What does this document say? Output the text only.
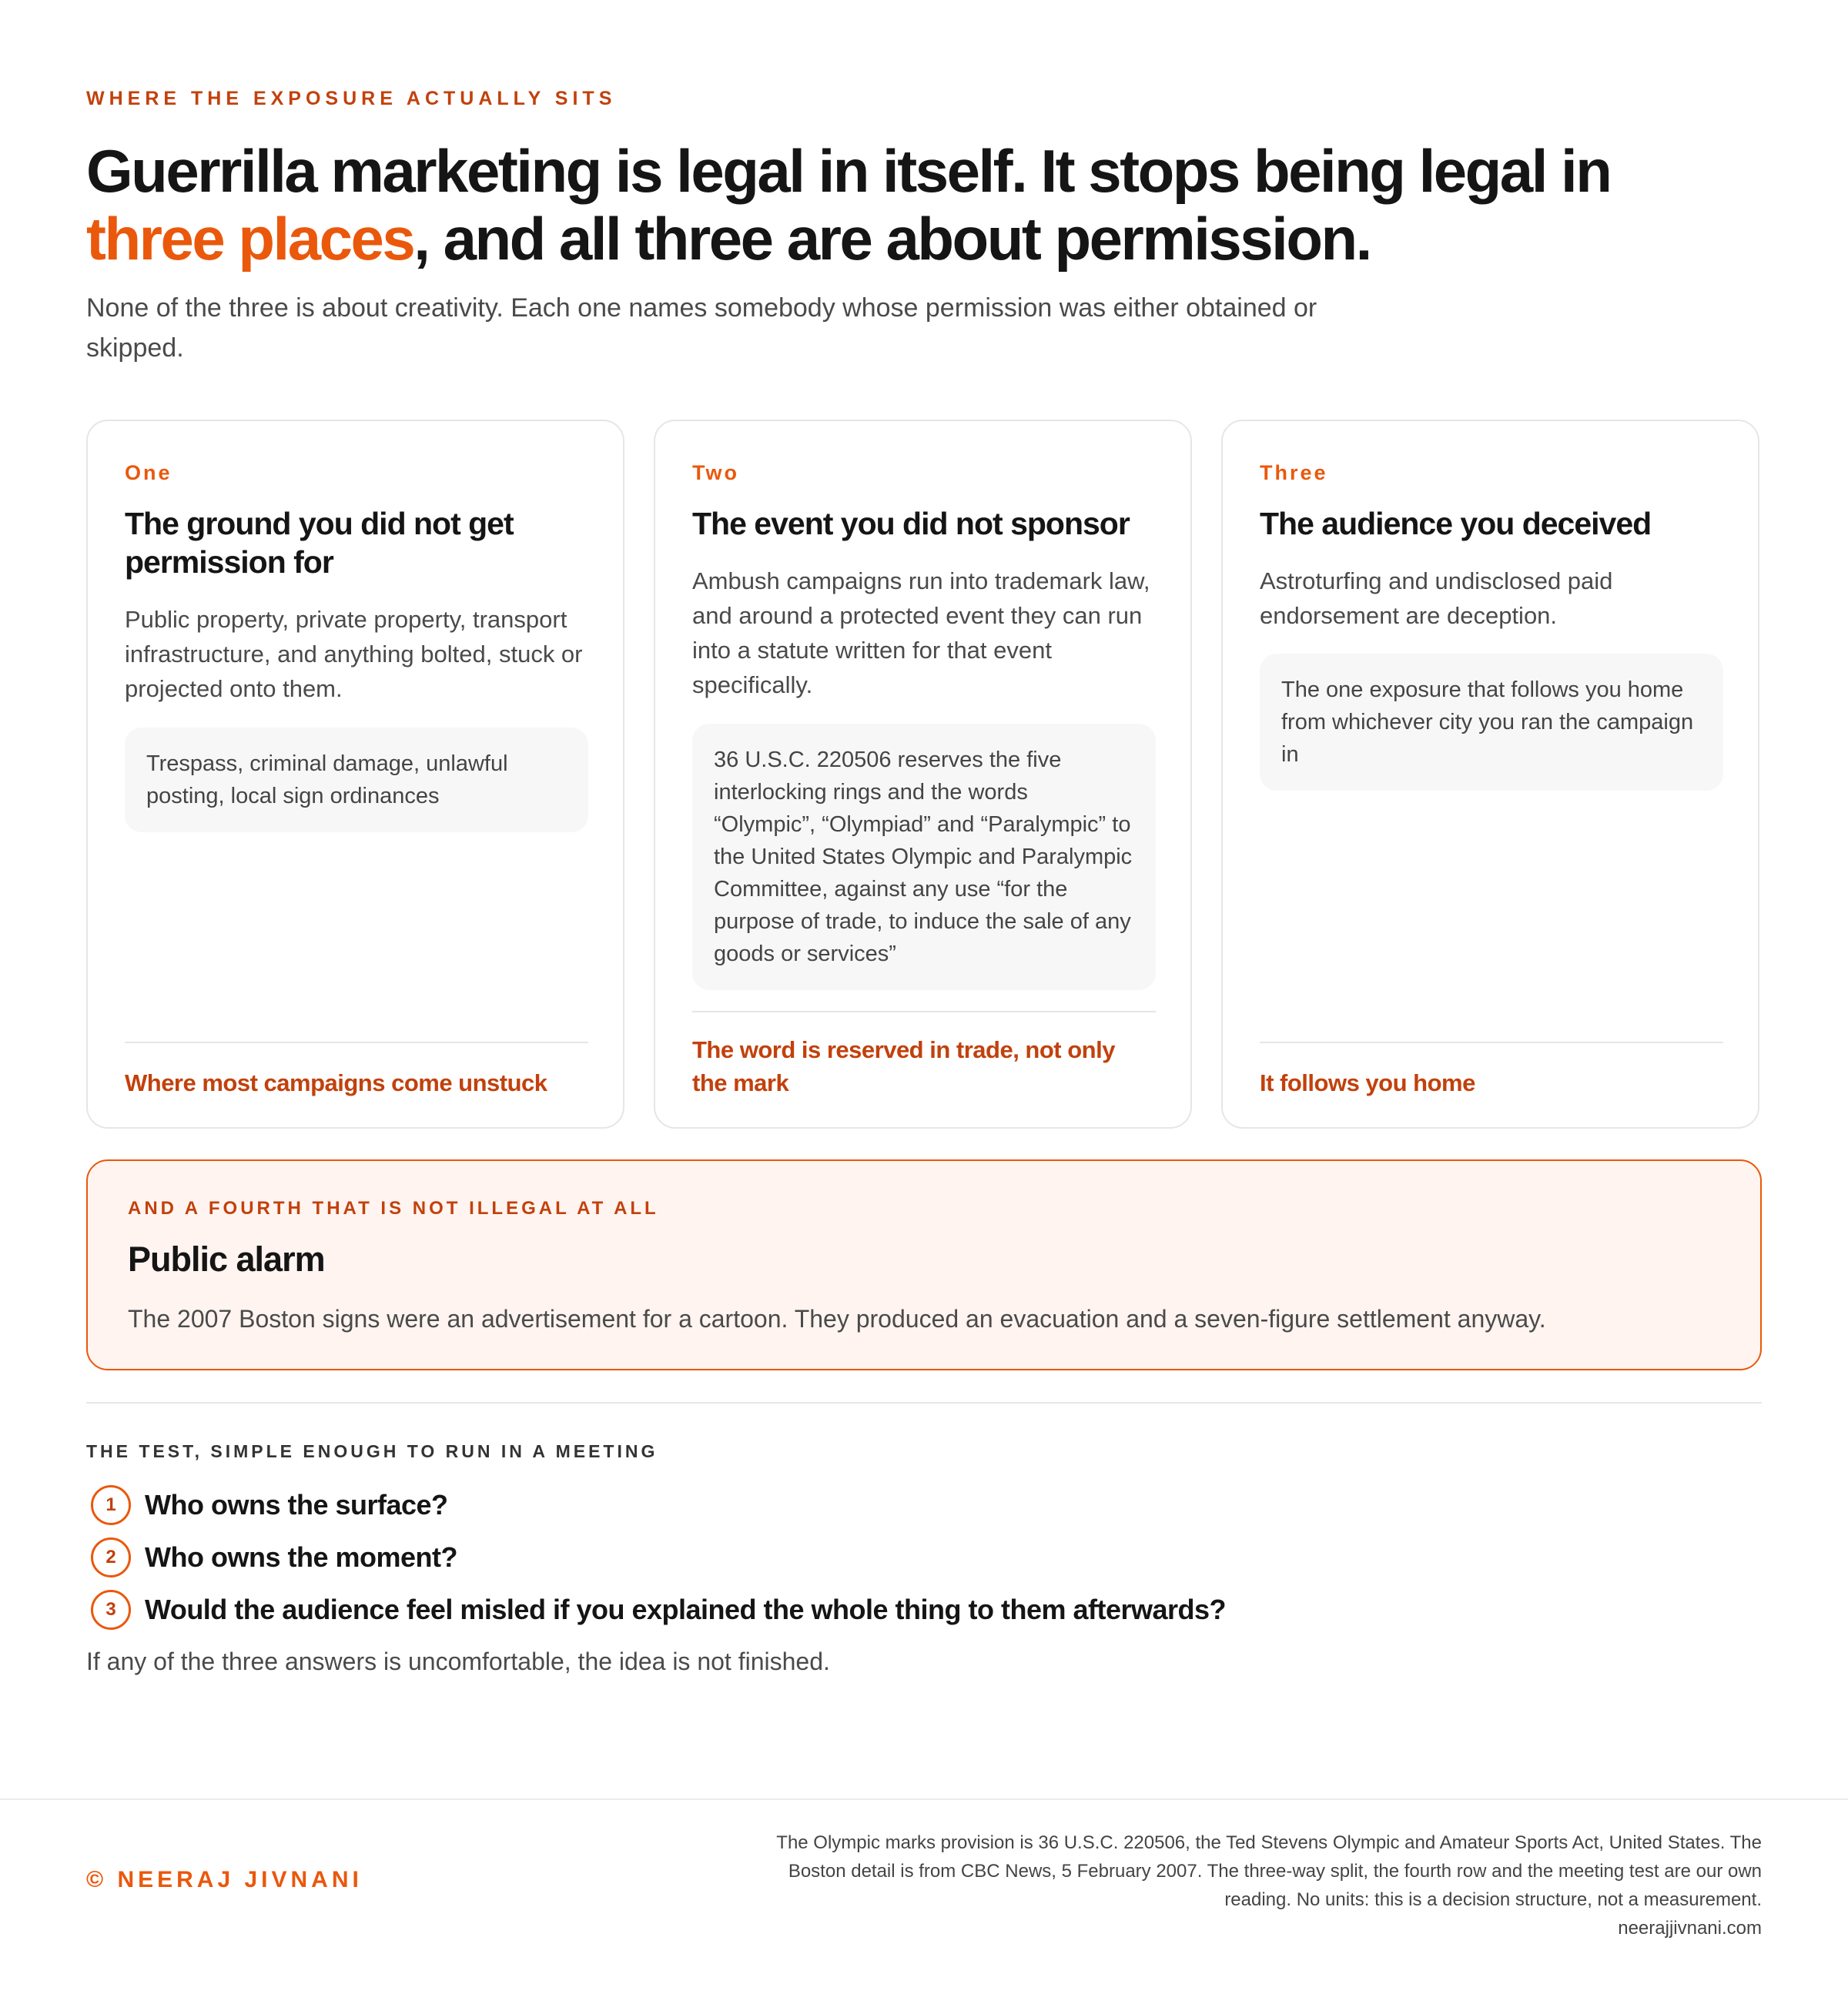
WHERE THE EXPOSURE ACTUALLY SITS
Guerrilla marketing is legal in itself. It stops being legal in three places, and all three are about permission.

None of the three is about creativity. Each one names somebody whose permission was either obtained or skipped.

One
The ground you did not get permission for
Public property, private property, transport infrastructure, and anything bolted, stuck or projected onto them.
Trespass, criminal damage, unlawful posting, local sign ordinances
Where most campaigns come unstuck
Two
The event you did not sponsor
Ambush campaigns run into trademark law, and around a protected event they can run into a statute written for that event specifically.
36 U.S.C. 220506 reserves the five interlocking rings and the words “Olympic”, “Olympiad” and “Paralympic” to the United States Olympic and Paralympic Committee, against any use “for the purpose of trade, to induce the sale of any goods or services”
The word is reserved in trade, not only the mark
Three
The audience you deceived
Astroturfing and undisclosed paid endorsement are deception.
The one exposure that follows you home from whichever city you ran the campaign in
It follows you home
AND A FOURTH THAT IS NOT ILLEGAL AT ALL
Public alarm
The 2007 Boston signs were an advertisement for a cartoon. They produced an evacuation and a seven-figure settlement anyway.
THE TEST, SIMPLE ENOUGH TO RUN IN A MEETING
1	Who owns the surface?
2	Who owns the moment?
3	Would the audience feel misled if you explained the whole thing to them afterwards?

If any of the three answers is uncomfortable, the idea is not finished.

© NEERAJ JIVNANI
The Olympic marks provision is 36 U.S.C. 220506, the Ted Stevens Olympic and Amateur Sports Act, United States. The
Boston detail is from CBC News, 5 February 2007. The three-way split, the fourth row and the meeting test are our own
reading. No units: this is a decision structure, not a measurement.
neerajjivnani.com
